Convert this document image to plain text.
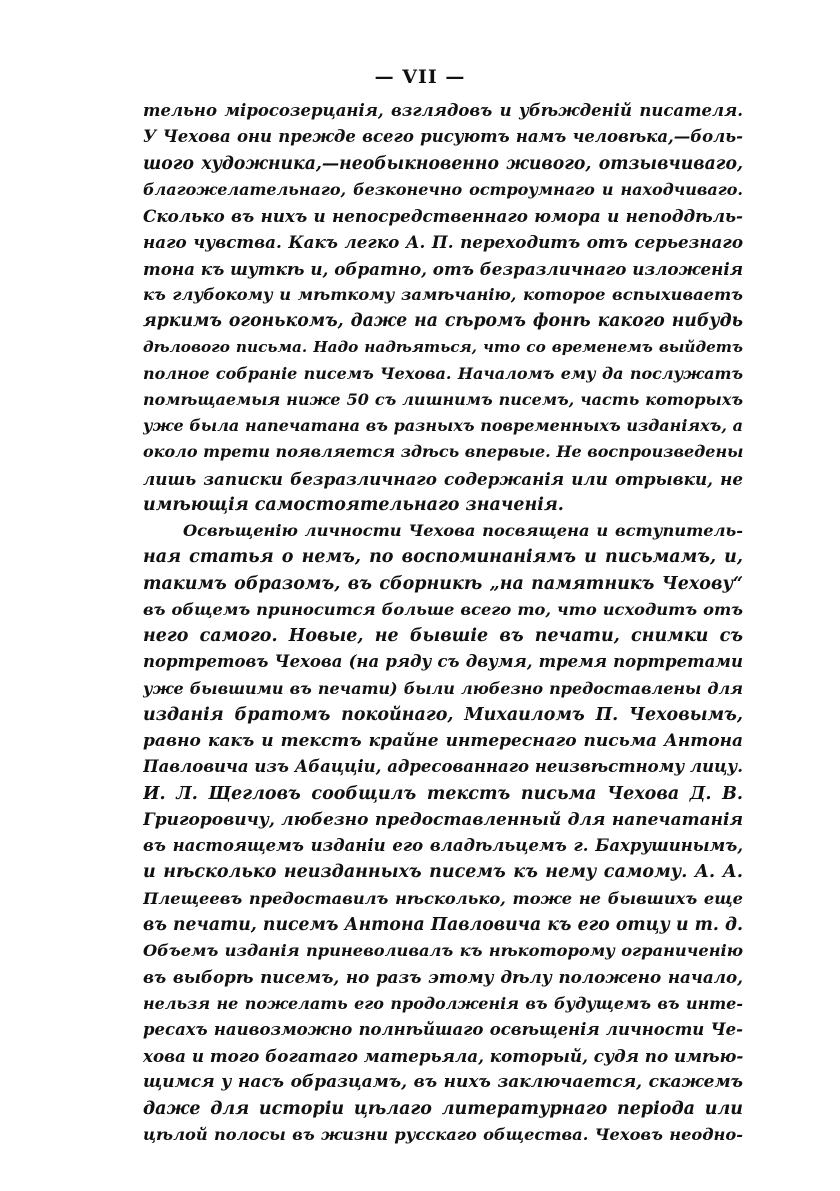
— VII —
тельно міросозерцанія, взглядовъ и убѣжденій писателя.
У Чехова они прежде всего рисуютъ намъ человѣка,—боль-
шого художника,—необыкновенно живого, отзывчиваго,
благожелательнаго, безконечно остроумнаго и находчиваго.
Сколько въ нихъ и непосредственнаго юмора и неподдѣль-
наго чувства. Какъ легко А. П. переходитъ отъ серьезнаго
тона къ шуткѣ и, обратно, отъ безразличнаго изложенія
къ глубокому и мѣткому замѣчанію, которое вспыхиваетъ
яркимъ огонькомъ, даже на сѣромъ фонѣ какого нибудь
дѣлового письма. Надо надѣяться, что со временемъ выйдетъ
полное собраніе писемъ Чехова. Началомъ ему да послужатъ
помѣщаемыя ниже 50 съ лишнимъ писемъ, часть которыхъ
уже была напечатана въ разныхъ повременныхъ изданіяхъ, а
около трети появляется здѣсь впервые. Не воспроизведены
лишь записки безразличнаго содержанія или отрывки, не
имѣющія самостоятельнаго значенія.
Освѣщенію личности Чехова посвящена и вступитель-
ная статья о немъ, по воспоминаніямъ и письмамъ, и,
такимъ образомъ, въ сборникѣ „на памятникъ Чехову“
въ общемъ приносится больше всего то, что исходитъ отъ
него самого. Новые, не бывшіе въ печати, снимки съ
портретовъ Чехова (на ряду съ двумя, тремя портретами
уже бывшими въ печати) были любезно предоставлены для
изданія братомъ покойнаго, Михаиломъ П. Чеховымъ,
равно какъ и текстъ крайне интереснаго письма Антона
Павловича изъ Абацціи, адресованнаго неизвѣстному лицу.
И. Л. Щегловъ сообщилъ текстъ письма Чехова Д. В.
Григоровичу, любезно предоставленный для напечатанія
въ настоящемъ изданіи его владѣльцемъ г. Бахрушинымъ,
и нѣсколько неизданныхъ писемъ къ нему самому. А. А.
Плещеевъ предоставилъ нѣсколько, тоже не бывшихъ еще
въ печати, писемъ Антона Павловича къ его отцу и т. д.
Объемъ изданія приневоливалъ къ нѣкоторому ограниченію
въ выборѣ писемъ, но разъ этому дѣлу положено начало,
нельзя не пожелать его продолженія въ будущемъ въ инте-
ресахъ наивозможно полнѣйшаго освѣщенія личности Че-
хова и того богатаго матерьяла, который, судя по имѣю-
щимся у насъ образцамъ, въ нихъ заключается, скажемъ
даже для исторіи цѣлаго литературнаго періода или
цѣлой полосы въ жизни русскаго общества. Чеховъ неодно-
